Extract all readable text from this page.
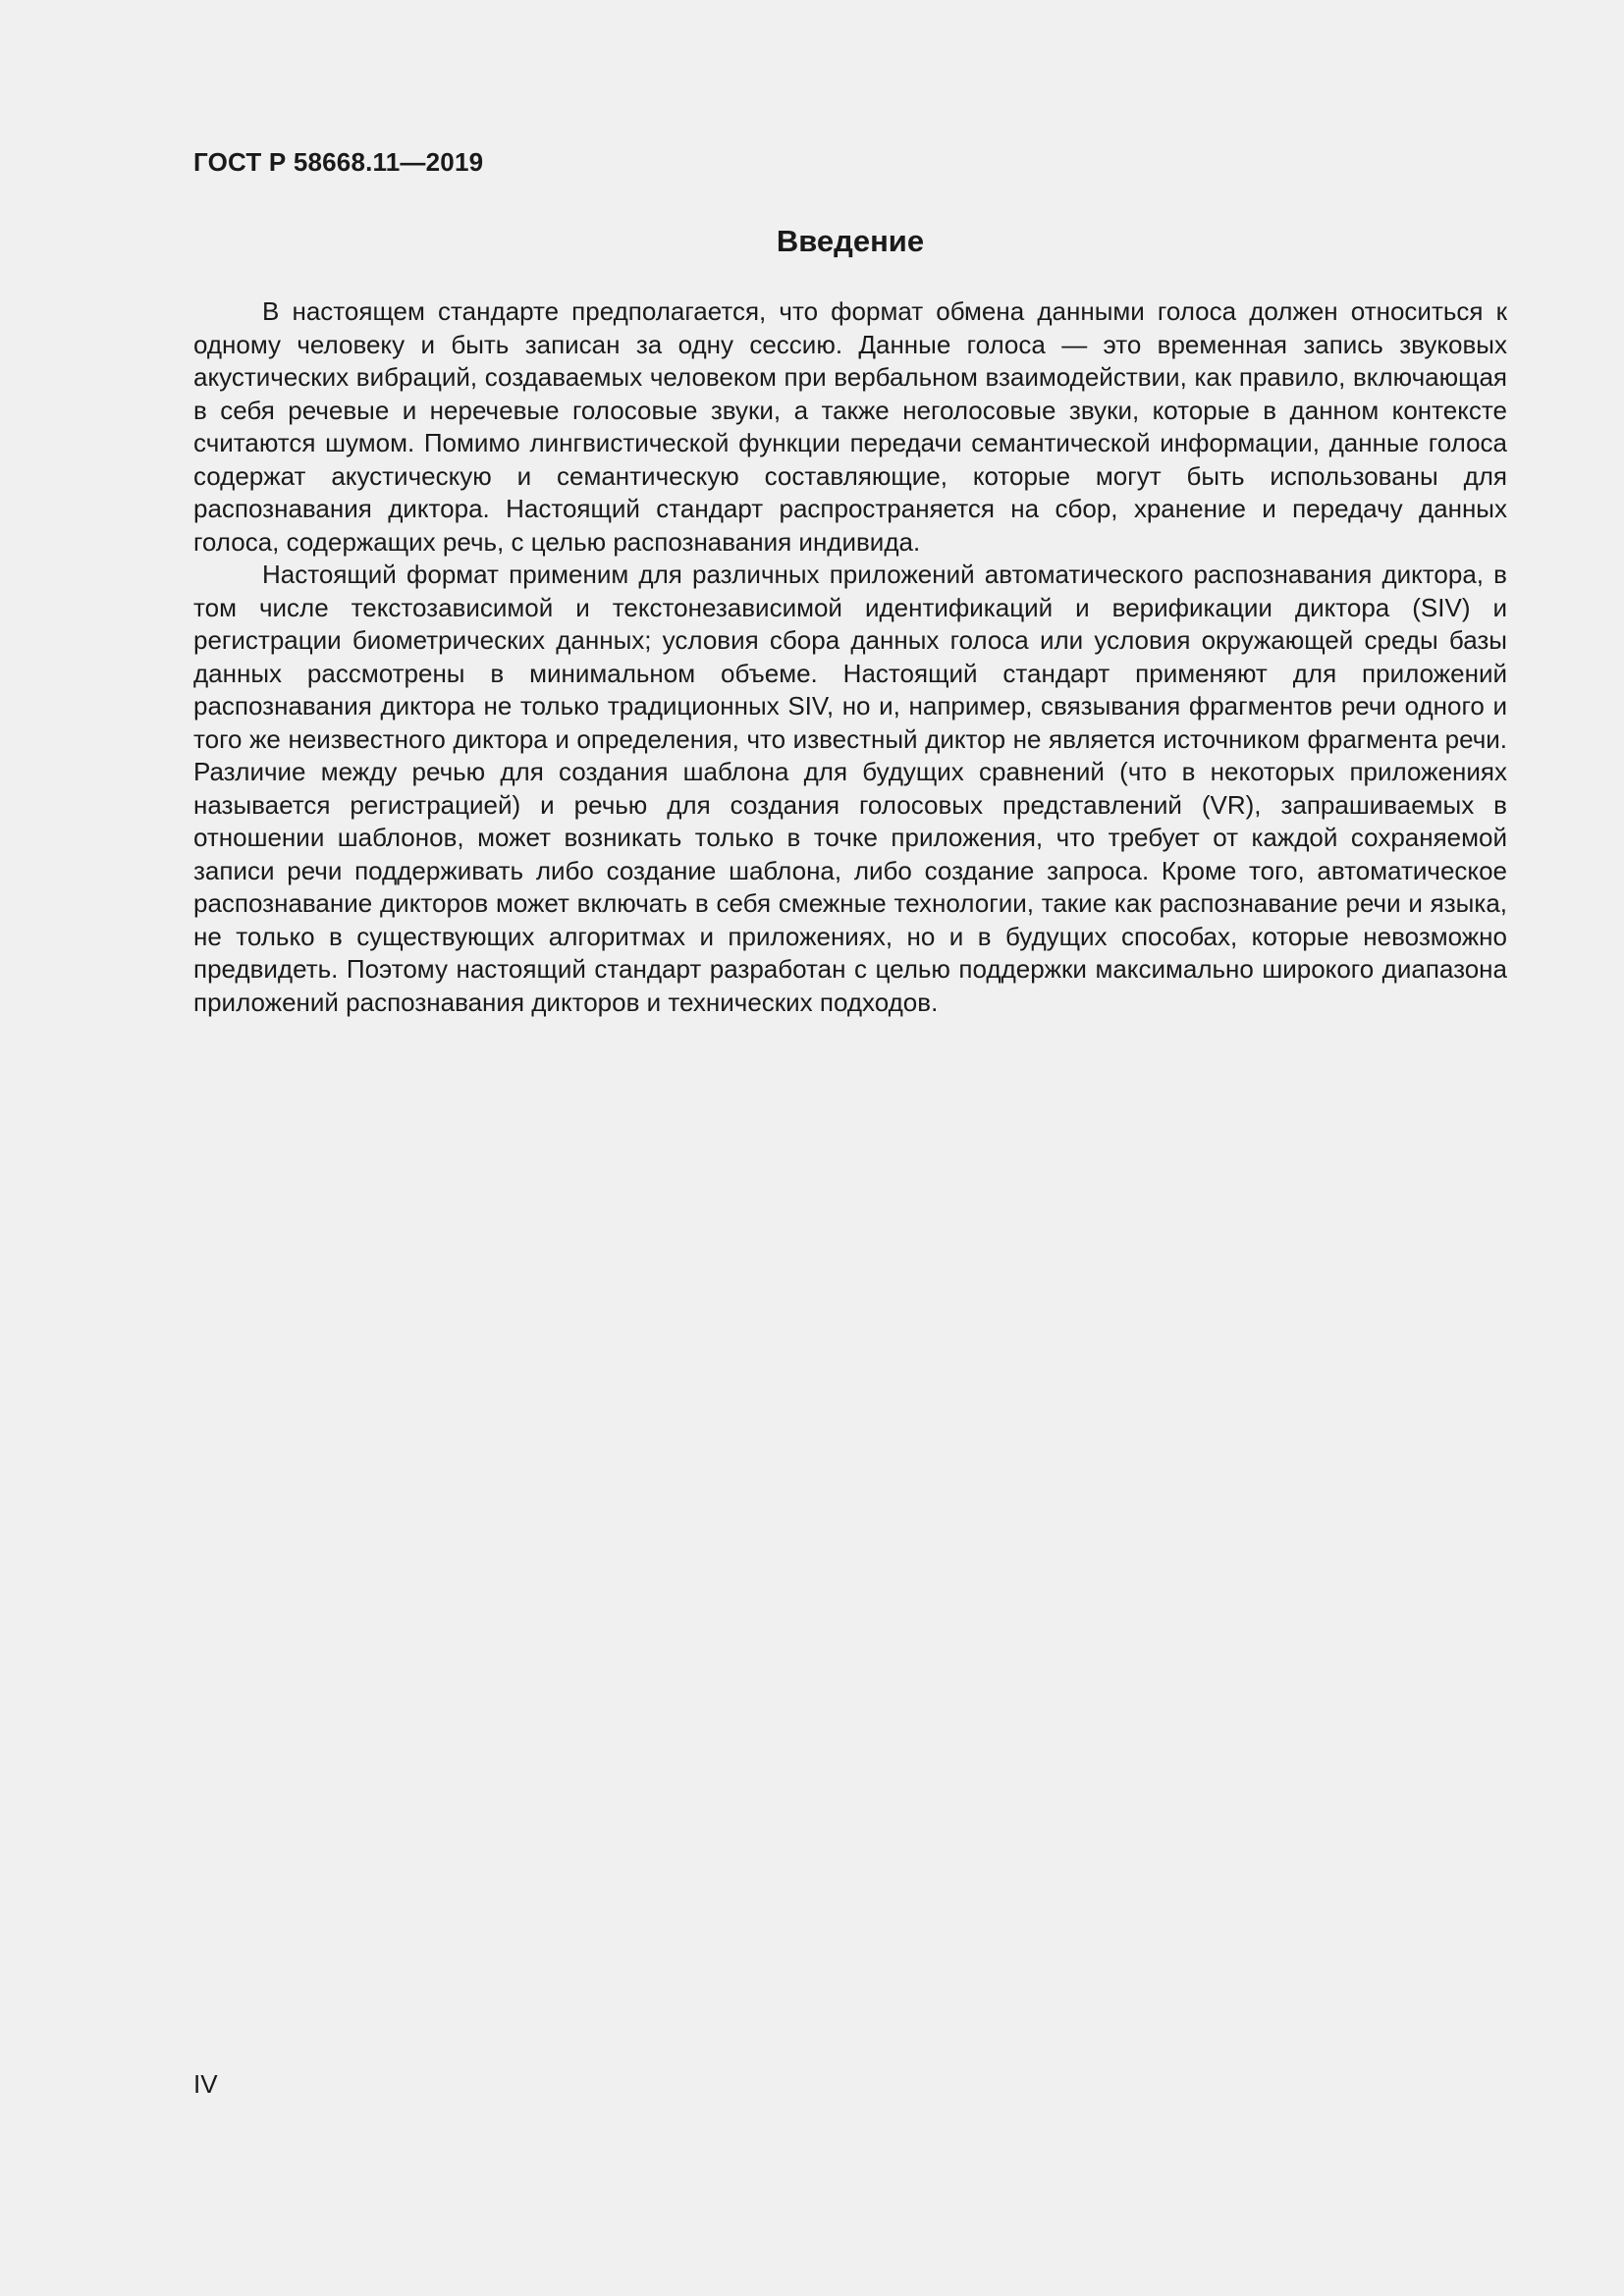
ГОСТ Р 58668.11—2019
Введение

В настоящем стандарте предполагается, что формат обмена данными голоса должен относиться к одному человеку и быть записан за одну сессию. Данные голоса — это временная запись звуковых акустических вибраций, создаваемых человеком при вербальном взаимодействии, как правило, включающая в себя речевые и неречевые голосовые звуки, а также неголосовые звуки, которые в данном контексте считаются шумом. Помимо лингвистической функции передачи семантической информации, данные голоса содержат акустическую и семантическую составляющие, которые могут быть использованы для распознавания диктора. Настоящий стандарт распространяется на сбор, хранение и передачу данных голоса, содержащих речь, с целью распознавания индивида.

Настоящий формат применим для различных приложений автоматического распознавания диктора, в том числе текстозависимой и текстонезависимой идентификаций и верификации диктора (SIV) и регистрации биометрических данных; условия сбора данных голоса или условия окружающей среды базы данных рассмотрены в минимальном объеме. Настоящий стандарт применяют для приложений распознавания диктора не только традиционных SIV, но и, например, связывания фрагментов речи одного и того же неизвестного диктора и определения, что известный диктор не является источником фрагмента речи. Различие между речью для создания шаблона для будущих сравнений (что в некоторых приложениях называется регистрацией) и речью для создания голосовых представлений (VR), запрашиваемых в отношении шаблонов, может возникать только в точке приложения, что требует от каждой сохраняемой записи речи поддерживать либо создание шаблона, либо создание запроса. Кроме того, автоматическое распознавание дикторов может включать в себя смежные технологии, такие как распознавание речи и языка, не только в существующих алгоритмах и приложениях, но и в будущих способах, которые невозможно предвидеть. Поэтому настоящий стандарт разработан с целью поддержки максимально широкого диапазона приложений распознавания дикторов и технических подходов.

IV
